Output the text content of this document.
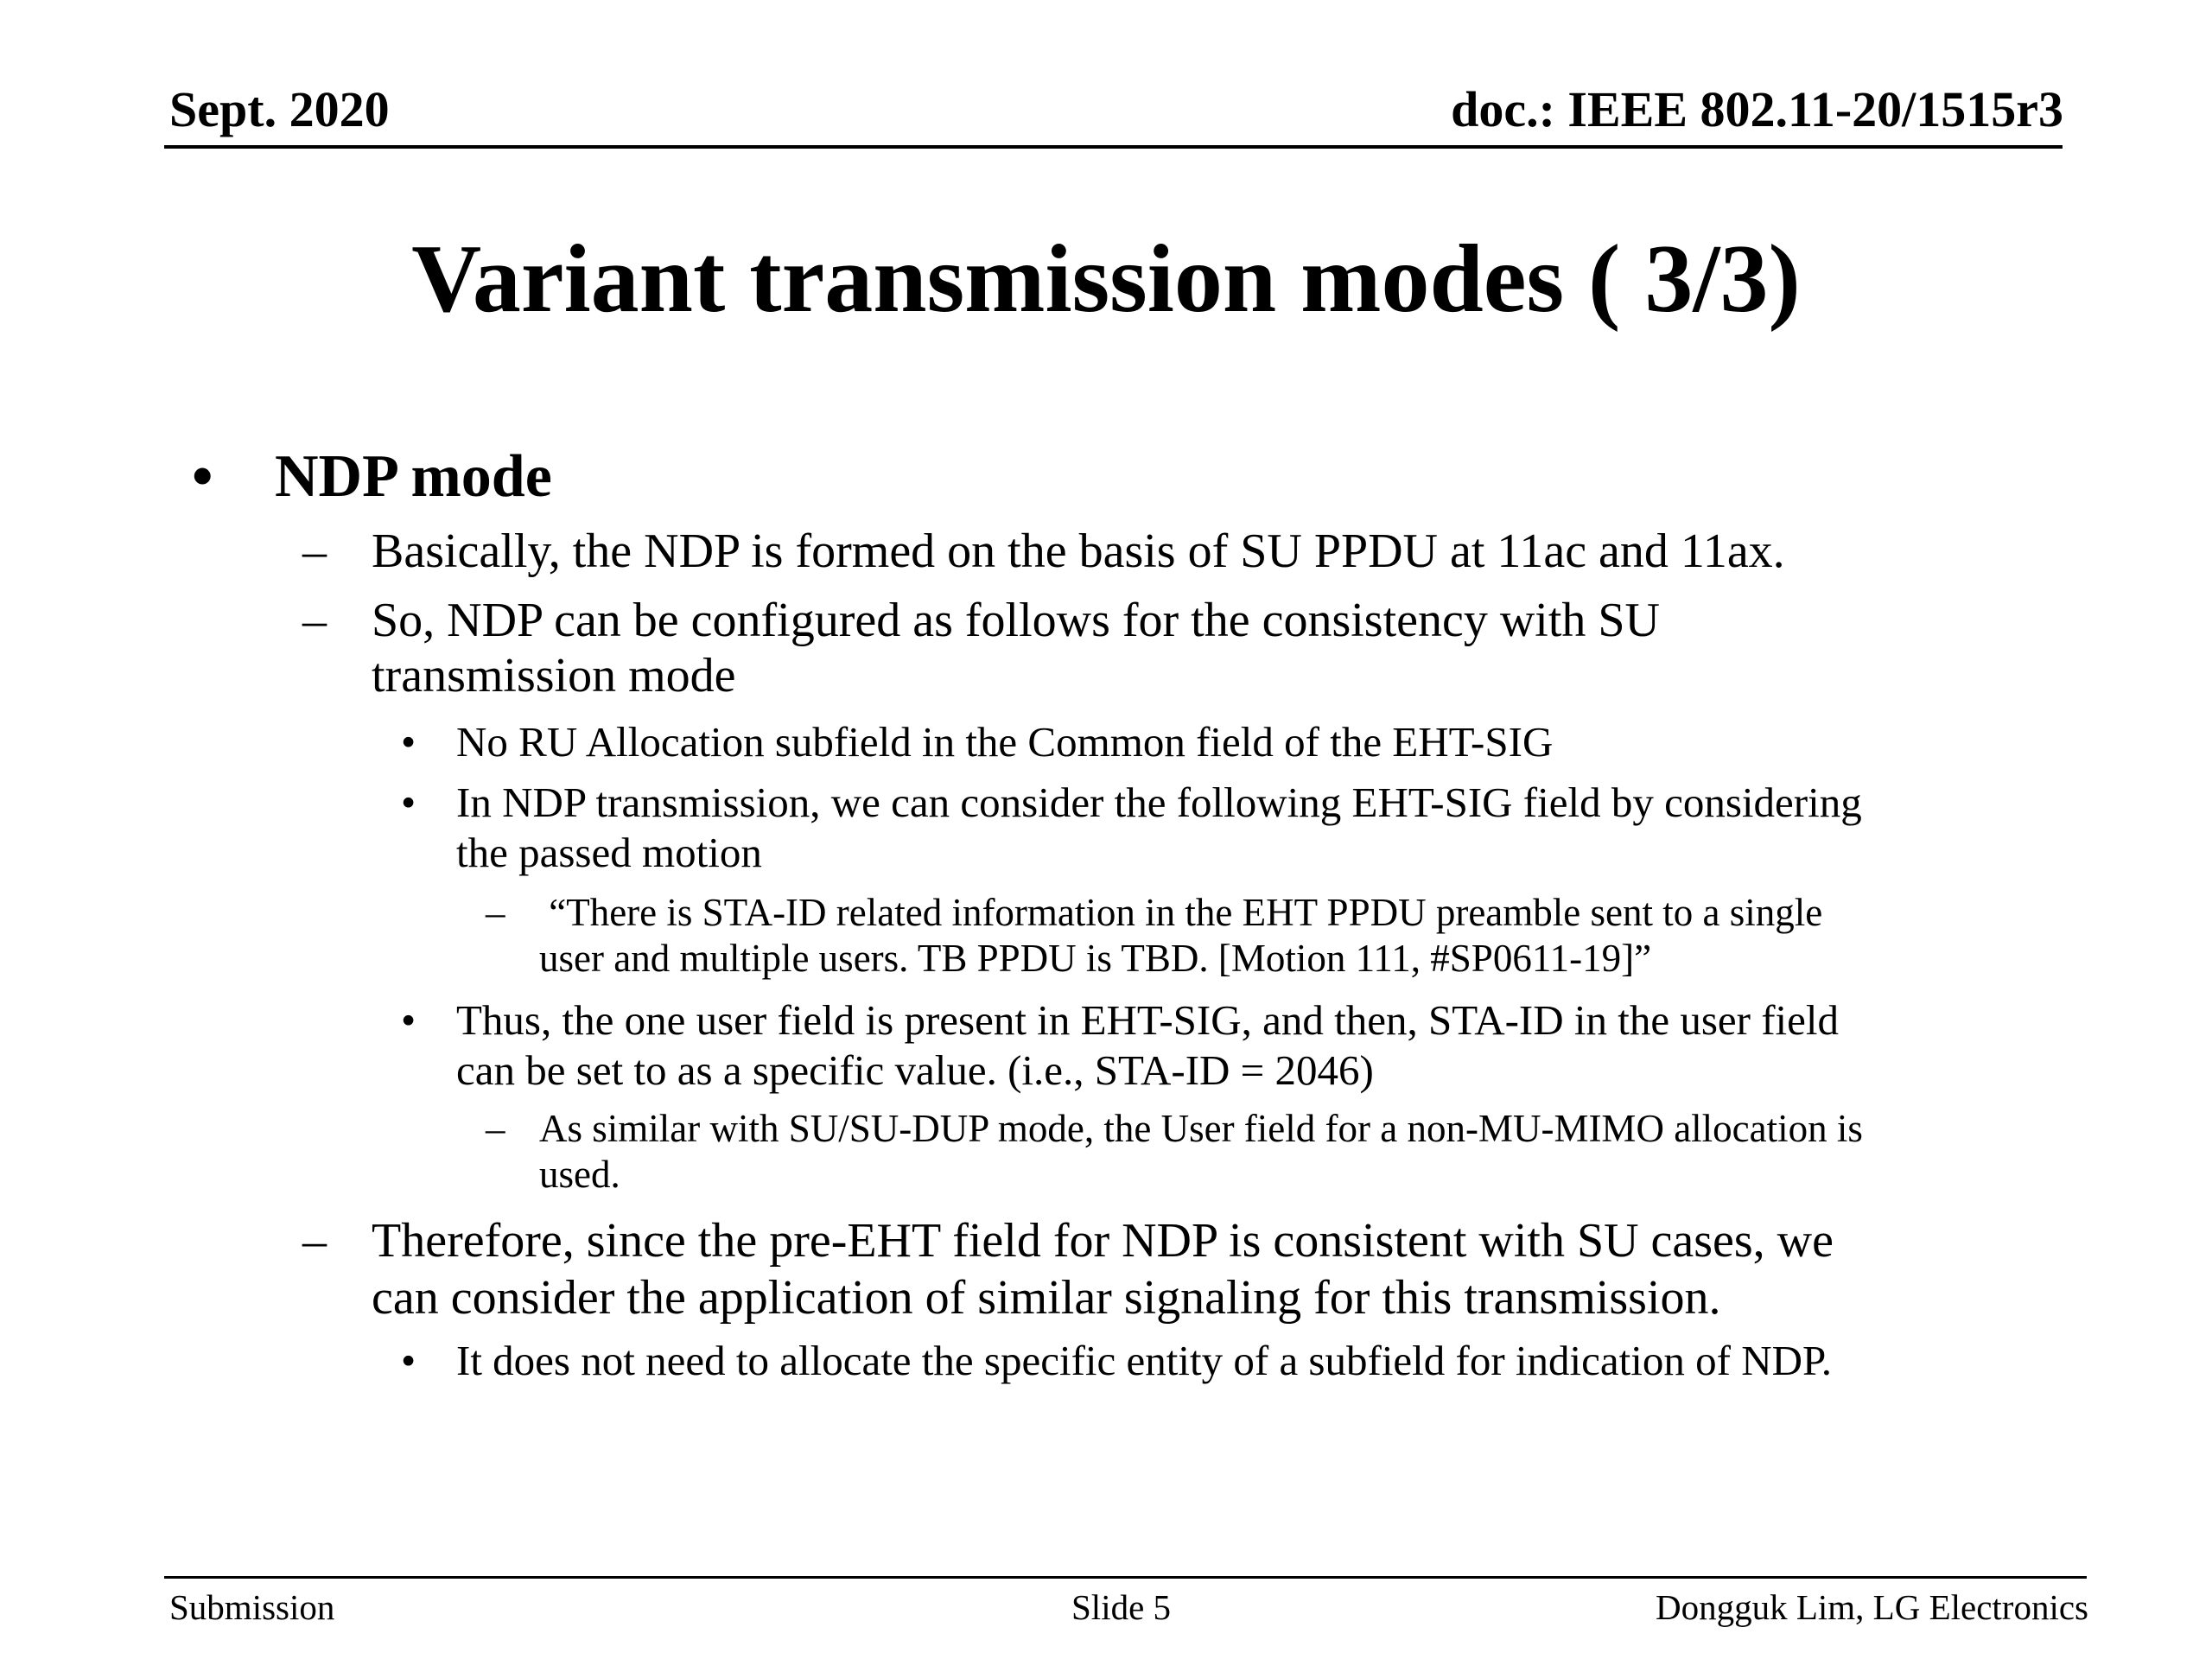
Sept. 2020	doc.: IEEE 802.11-20/1515r3
Variant transmission modes ( 3/3)
• NDP mode
– Basically, the NDP is formed on the basis of SU PPDU at 11ac and 11ax.
– So, NDP can be configured as follows for the consistency with SU
transmission mode
• No RU Allocation subfield in the Common field of the EHT-SIG
• In NDP transmission, we can consider the following EHT-SIG field by considering
the passed motion
– “There is STA-ID related information in the EHT PPDU preamble sent to a single
user and multiple users. TB PPDU is TBD. [Motion 111, #SP0611-19]”
• Thus, the one user field is present in EHT-SIG, and then, STA-ID in the user field
can be set to as a specific value. (i.e., STA-ID = 2046)
– As similar with SU/SU-DUP mode, the User field for a non-MU-MIMO allocation is
used.
– Therefore, since the pre-EHT field for NDP is consistent with SU cases, we
can consider the application of similar signaling for this transmission.
• It does not need to allocate the specific entity of a subfield for indication of NDP.
Submission	Slide 5	Dongguk Lim, LG Electronics
